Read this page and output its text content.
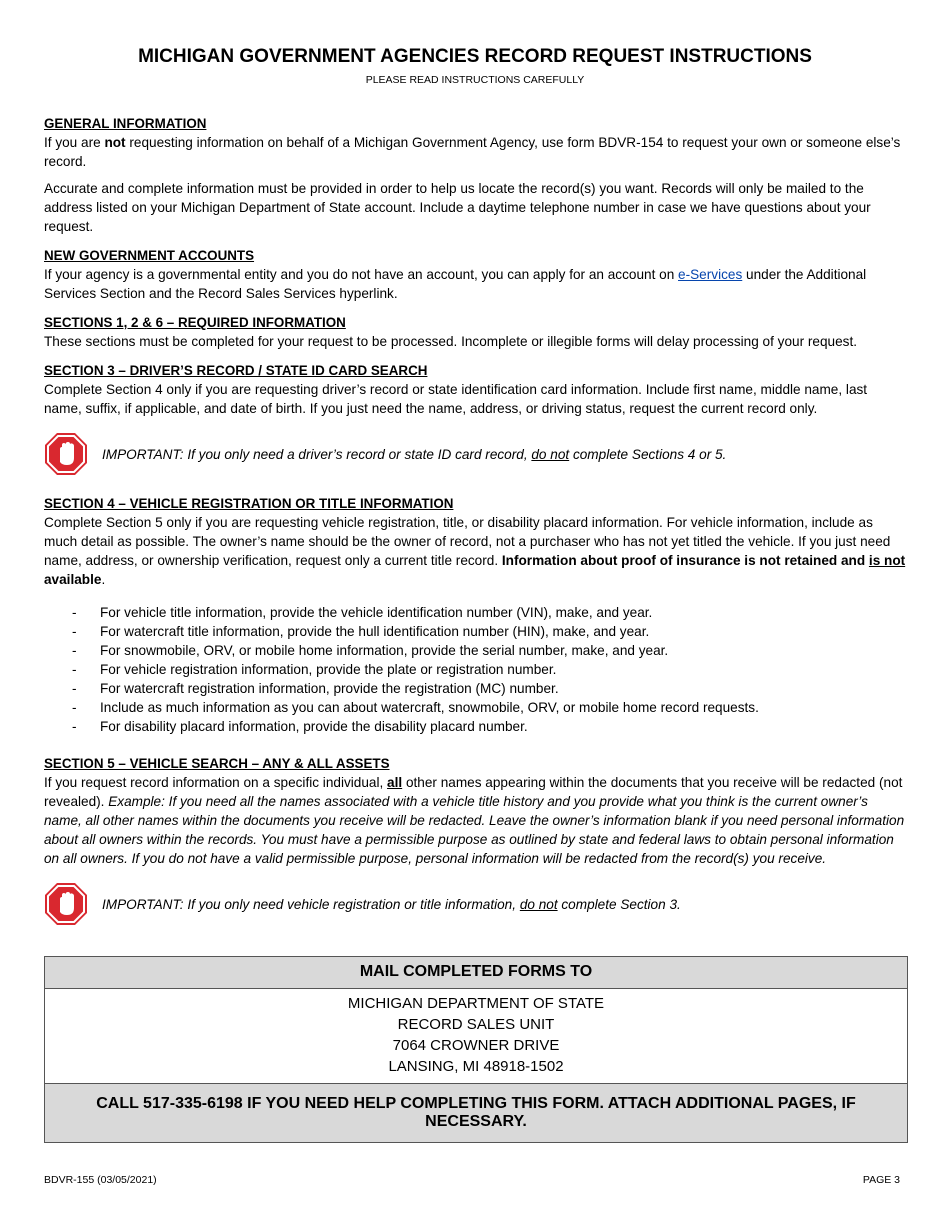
MICHIGAN GOVERNMENT AGENCIES RECORD REQUEST INSTRUCTIONS

PLEASE READ INSTRUCTIONS CAREFULLY

GENERAL INFORMATION

If you are not requesting information on behalf of a Michigan Government Agency, use form BDVR-154 to request your own or someone else’s record.

Accurate and complete information must be provided in order to help us locate the record(s) you want. Records will only be mailed to the address listed on your Michigan Department of State account. Include a daytime telephone number in case we have questions about your request.

NEW GOVERNMENT ACCOUNTS

If your agency is a governmental entity and you do not have an account, you can apply for an account on e-Services under the Additional Services Section and the Record Sales Services hyperlink.

SECTIONS 1, 2 & 6 – REQUIRED INFORMATION

These sections must be completed for your request to be processed. Incomplete or illegible forms will delay processing of your request.

SECTION 3 – DRIVER’S RECORD / STATE ID CARD SEARCH

Complete Section 4 only if you are requesting driver’s record or state identification card information. Include first name, middle name, last name, suffix, if applicable, and date of birth. If you just need the name, address, or driving status, request the current record only.

IMPORTANT: If you only need a driver’s record or state ID card record, do not complete Sections 4 or 5.

SECTION 4 – VEHICLE REGISTRATION OR TITLE INFORMATION

Complete Section 5 only if you are requesting vehicle registration, title, or disability placard information. For vehicle information, include as much detail as possible. The owner’s name should be the owner of record, not a purchaser who has not yet titled the vehicle. If you just need name, address, or ownership verification, request only a current title record. Information about proof of insurance is not retained and is not available.

- For vehicle title information, provide the vehicle identification number (VIN), make, and year.
- For watercraft title information, provide the hull identification number (HIN), make, and year.
- For snowmobile, ORV, or mobile home information, provide the serial number, make, and year.
- For vehicle registration information, provide the plate or registration number.
- For watercraft registration information, provide the registration (MC) number.
- Include as much information as you can about watercraft, snowmobile, ORV, or mobile home record requests.
- For disability placard information, provide the disability placard number.

SECTION 5 – VEHICLE SEARCH – ANY & ALL ASSETS

If you request record information on a specific individual, all other names appearing within the documents that you receive will be redacted (not revealed). Example: If you need all the names associated with a vehicle title history and you provide what you think is the current owner’s name, all other names within the documents you receive will be redacted. Leave the owner’s information blank if you need personal information about all owners within the records. You must have a permissible purpose as outlined by state and federal laws to obtain personal information on all owners. If you do not have a valid permissible purpose, personal information will be redacted from the record(s) you receive.

IMPORTANT: If you only need vehicle registration or title information, do not complete Section 3.
MAIL COMPLETED FORMS TO
MICHIGAN DEPARTMENT OF STATE
RECORD SALES UNIT
7064 CROWNER DRIVE
LANSING, MI 48918-1502
CALL 517-335-6198 IF YOU NEED HELP COMPLETING THIS FORM. ATTACH ADDITIONAL PAGES, IF NECESSARY.
BDVR-155 (03/05/2021)	PAGE 3
